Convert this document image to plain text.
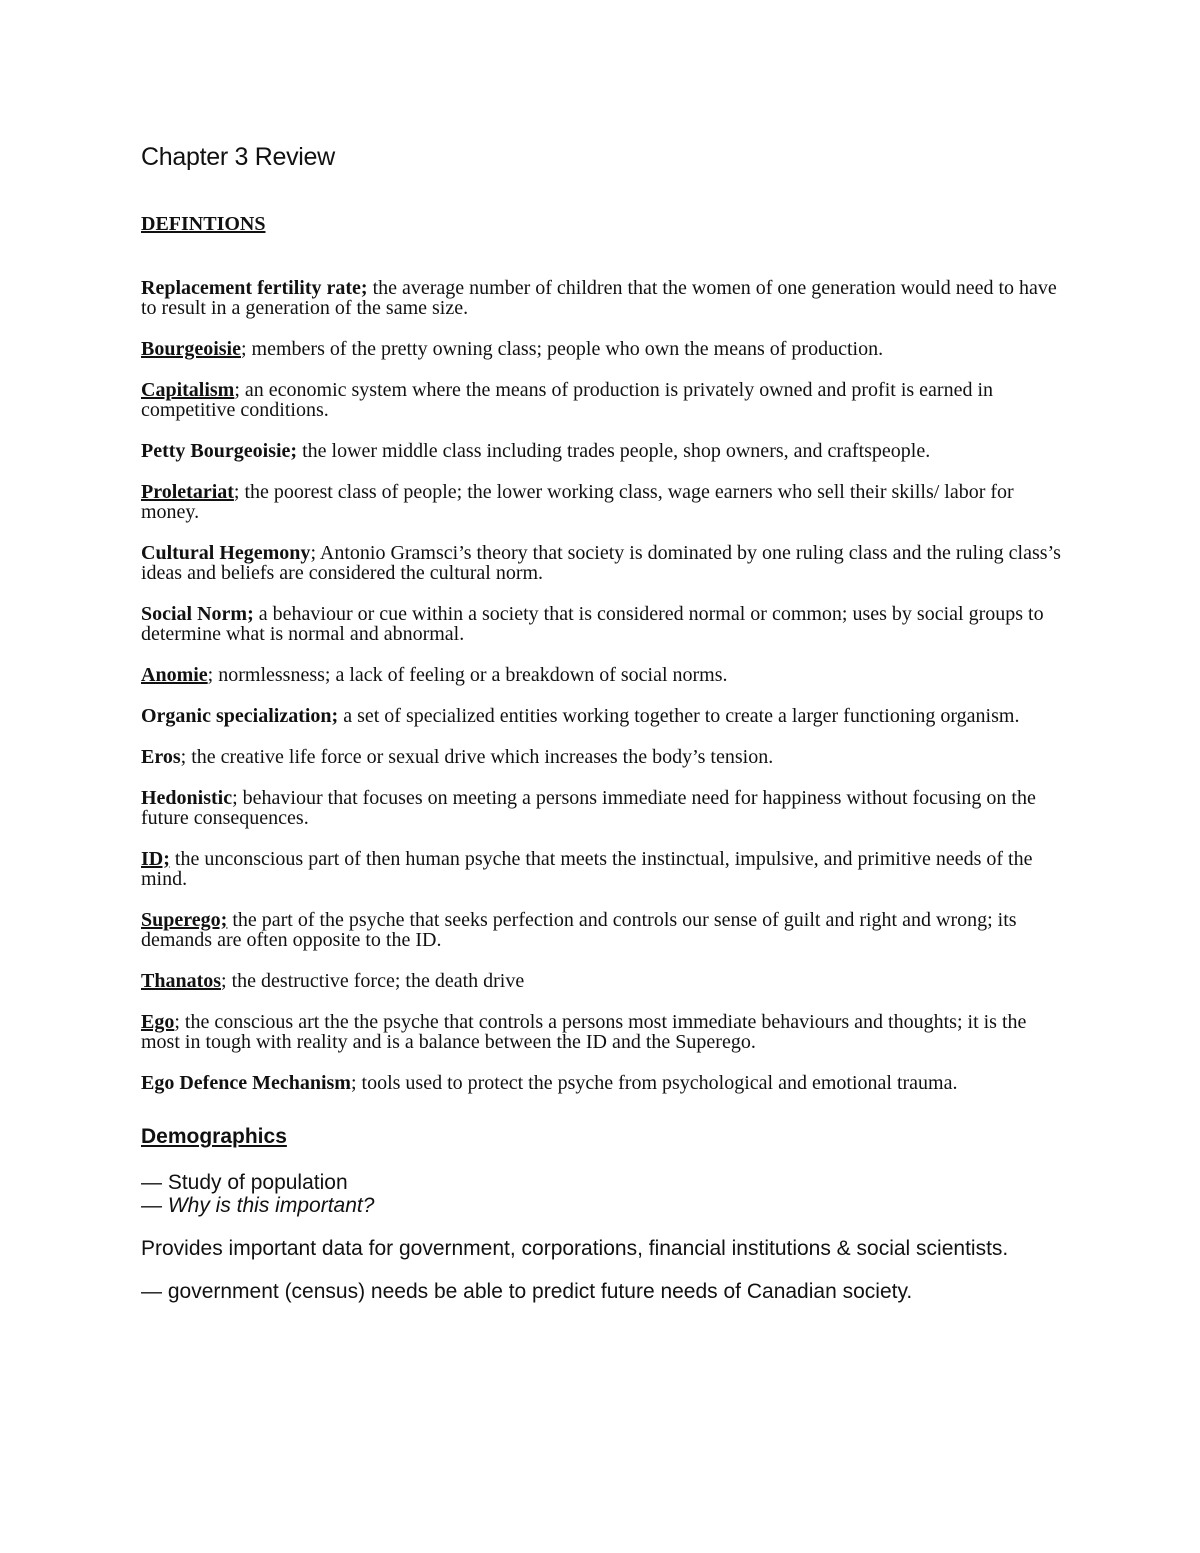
Chapter 3 Review
DEFINTIONS

Replacement fertility rate; the average number of children that the women of one generation would need to have to result in a generation of the same size.

Bourgeoisie; members of the pretty owning class; people who own the means of production.

Capitalism; an economic system where the means of production is privately owned and profit is earned in competitive conditions.

Petty Bourgeoisie; the lower middle class including trades people, shop owners, and craftspeople.

Proletariat; the poorest class of people; the lower working class, wage earners who sell their skills/ labor for money.

Cultural Hegemony; Antonio Gramsci’s theory that society is dominated by one ruling class and the ruling class’s ideas and beliefs are considered the cultural norm.

Social Norm; a behaviour or cue within a society that is considered normal or common; uses by social groups to determine what is normal and abnormal.

Anomie; normlessness; a lack of feeling or a breakdown of social norms.

Organic specialization; a set of specialized entities working together to create a larger functioning organism.

Eros; the creative life force or sexual drive which increases the body’s tension.

Hedonistic; behaviour that focuses on meeting a persons immediate need for happiness without focusing on the future consequences.

ID; the unconscious part of then human psyche that meets the instinctual, impulsive, and primitive needs of the mind.

Superego; the part of the psyche that seeks perfection and controls our sense of guilt and right and wrong; its demands are often opposite to the ID.

Thanatos; the destructive force; the death drive

Ego; the conscious art the the psyche that controls a persons most immediate behaviours and thoughts; it is the most in tough with reality and is a balance between the ID and the Superego.

Ego Defence Mechanism; tools used to protect the psyche from psychological and emotional trauma.

Demographics

— Study of population

— Why is this important?

Provides important data for government, corporations, financial institutions & social scientists.

— government (census) needs be able to predict future needs of Canadian society.
